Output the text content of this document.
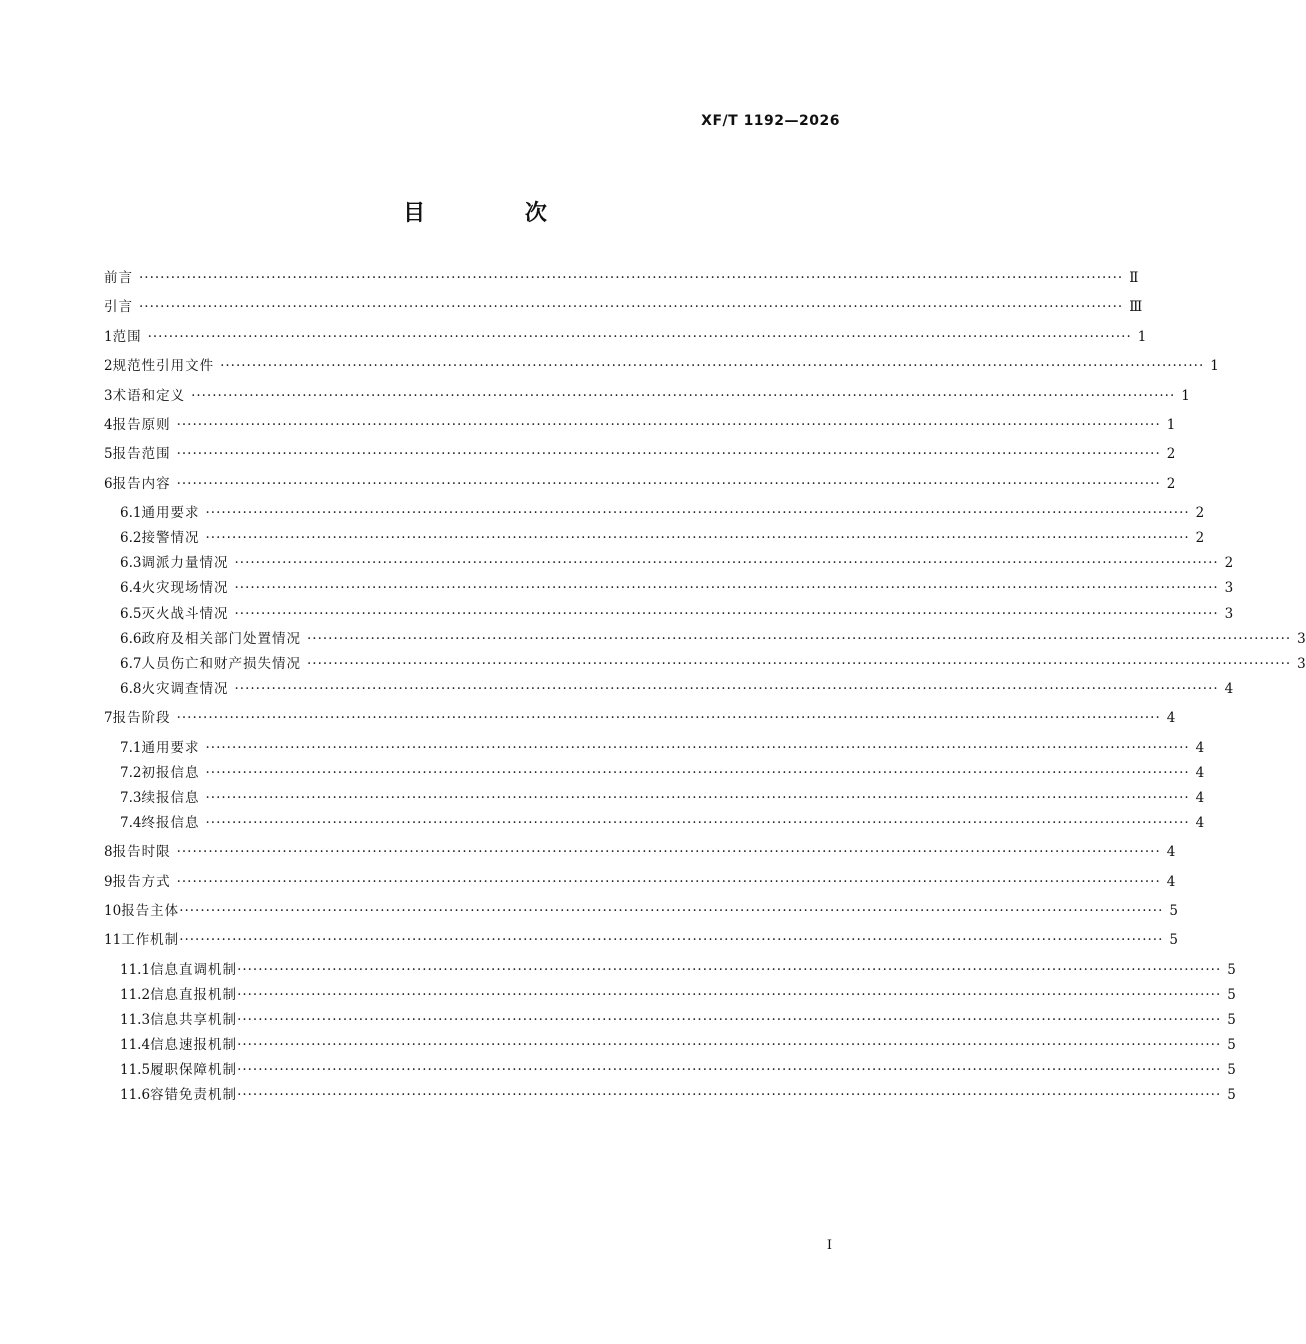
XF/T 1192—2026
目 次
前言 ·························································································································································································· Ⅱ
引言 ·························································································································································································· Ⅲ
1 范围 ·························································································································································································· 1
2 规范性引用文件 ·························································································································································································· 1
3 术语和定义 ·························································································································································································· 1
4 报告原则 ·························································································································································································· 1
5 报告范围 ·························································································································································································· 2
6 报告内容 ·························································································································································································· 2
6.1 通用要求 ·························································································································································································· 2
6.2 接警情况 ·························································································································································································· 2
6.3 调派力量情况 ·························································································································································································· 2
6.4 火灾现场情况 ·························································································································································································· 3
6.5 灭火战斗情况 ·························································································································································································· 3
6.6 政府及相关部门处置情况 ·························································································································································································· 3
6.7 人员伤亡和财产损失情况 ·························································································································································································· 3
6.8 火灾调查情况 ·························································································································································································· 4
7 报告阶段 ·························································································································································································· 4
7.1 通用要求 ·························································································································································································· 4
7.2 初报信息 ·························································································································································································· 4
7.3 续报信息 ·························································································································································································· 4
7.4 终报信息 ·························································································································································································· 4
8 报告时限 ·························································································································································································· 4
9 报告方式 ·························································································································································································· 4
10 报告主体 ·························································································································································································· 5
11 工作机制 ·························································································································································································· 5
11.1 信息直调机制 ·························································································································································································· 5
11.2 信息直报机制 ·························································································································································································· 5
11.3 信息共享机制 ·························································································································································································· 5
11.4 信息速报机制 ·························································································································································································· 5
11.5 履职保障机制 ·························································································································································································· 5
11.6 容错免责机制 ·························································································································································································· 5
I
